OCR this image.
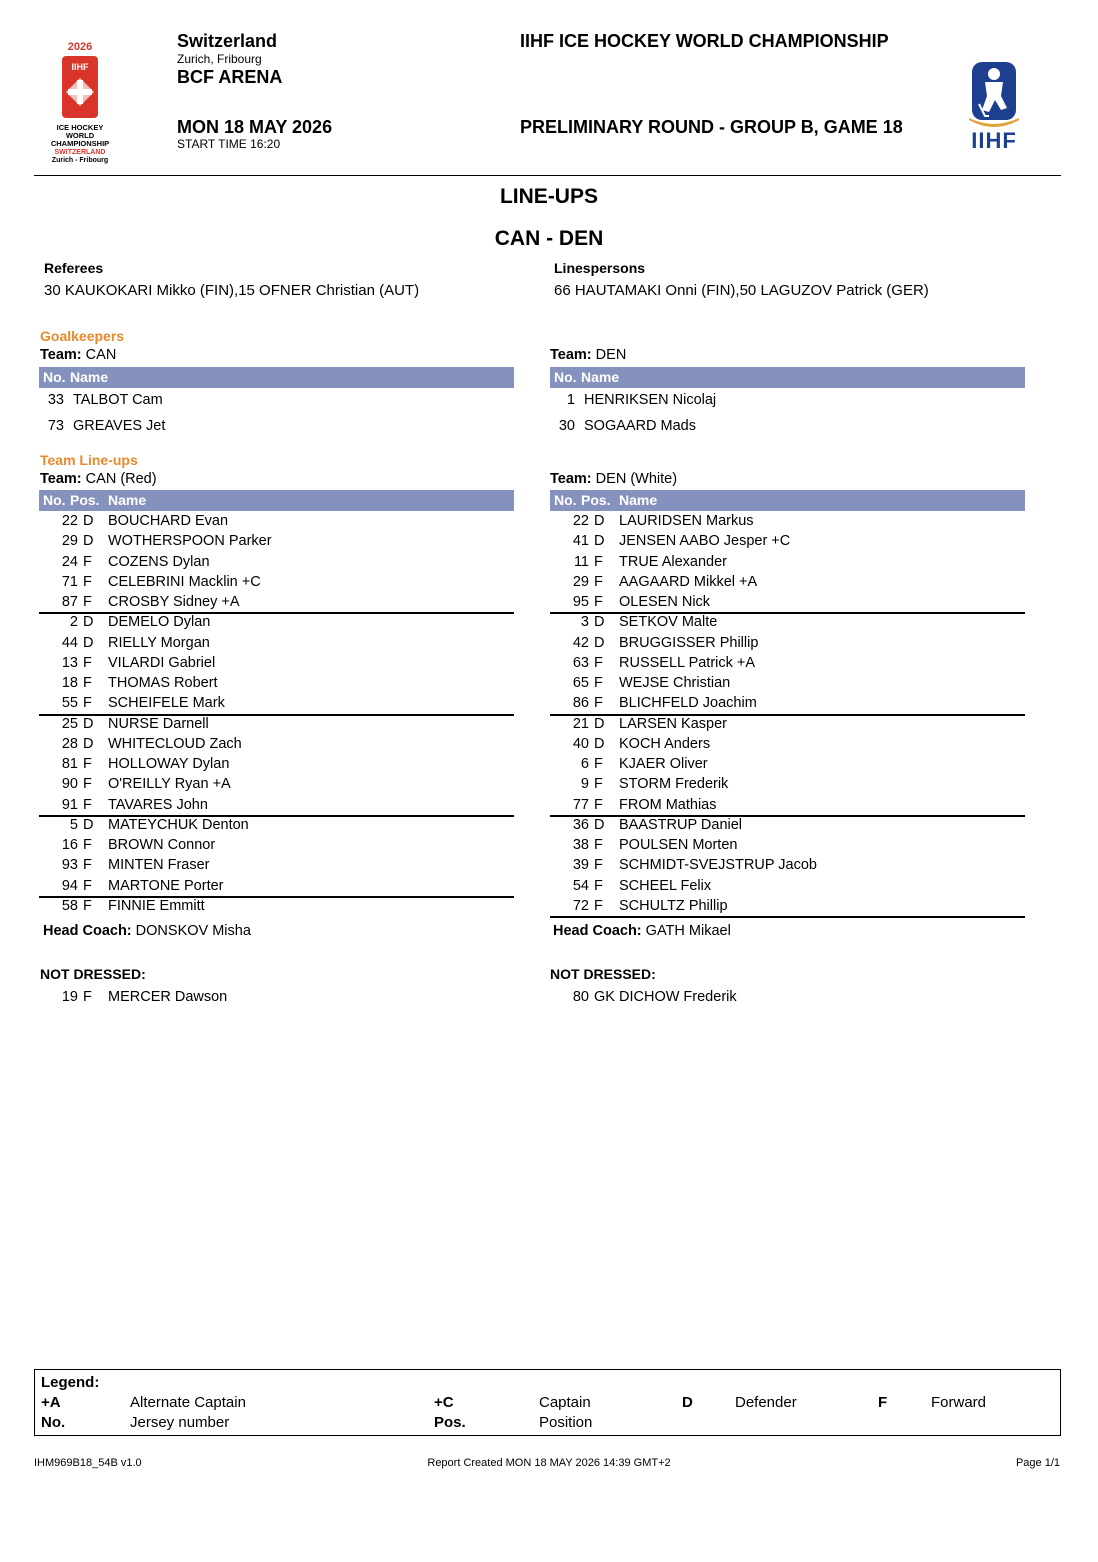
2026
IIHF
ICE HOCKEY
WORLD
CHAMPIONSHIP
SWITZERLAND
Zurich - Fribourg
Switzerland
Zurich, Fribourg
BCF ARENA
MON 18 MAY 2026
START TIME 16:20
IIHF ICE HOCKEY WORLD CHAMPIONSHIP
PRELIMINARY ROUND - GROUP B, GAME 18
IIHF
LINE-UPS
CAN - DEN
Referees
30 KAUKOKARI Mikko (FIN),15 OFNER Christian (AUT)
Linespersons
66 HAUTAMAKI Onni (FIN),50 LAGUZOV Patrick (GER)
Goalkeepers
Team: CAN
No. Name
33 TALBOT Cam
73 GREAVES Jet
Team: DEN
No. Name
1 HENRIKSEN Nicolaj
30 SOGAARD Mads
Team Line-ups
Team: CAN (Red)
No. Pos. Name
22 D BOUCHARD Evan
29 D WOTHERSPOON Parker
24 F COZENS Dylan
71 F CELEBRINI Macklin +C
87 F CROSBY Sidney +A
2 D DEMELO Dylan
44 D RIELLY Morgan
13 F VILARDI Gabriel
18 F THOMAS Robert
55 F SCHEIFELE Mark
25 D NURSE Darnell
28 D WHITECLOUD Zach
81 F HOLLOWAY Dylan
90 F O'REILLY Ryan +A
91 F TAVARES John
5 D MATEYCHUK Denton
16 F BROWN Connor
93 F MINTEN Fraser
94 F MARTONE Porter
58 F FINNIE Emmitt
Team: DEN (White)
No. Pos. Name
22 D LAURIDSEN Markus
41 D JENSEN AABO Jesper +C
11 F TRUE Alexander
29 F AAGAARD Mikkel +A
95 F OLESEN Nick
3 D SETKOV Malte
42 D BRUGGISSER Phillip
63 F RUSSELL Patrick +A
65 F WEJSE Christian
86 F BLICHFELD Joachim
21 D LARSEN Kasper
40 D KOCH Anders
6 F KJAER Oliver
9 F STORM Frederik
77 F FROM Mathias
36 D BAASTRUP Daniel
38 F POULSEN Morten
39 F SCHMIDT-SVEJSTRUP Jacob
54 F SCHEEL Felix
72 F SCHULTZ Phillip
Head Coach: DONSKOV Misha	Head Coach: GATH Mikael
NOT DRESSED:	NOT DRESSED:
19 F MERCER Dawson	80 GK DICHOW Frederik
Legend:
+A	Alternate Captain	+C	Captain	D	Defender	F	Forward
No.	Jersey number	Pos.	Position
IHM969B18_54B v1.0	Report Created MON 18 MAY 2026 14:39 GMT+2	Page 1/1
